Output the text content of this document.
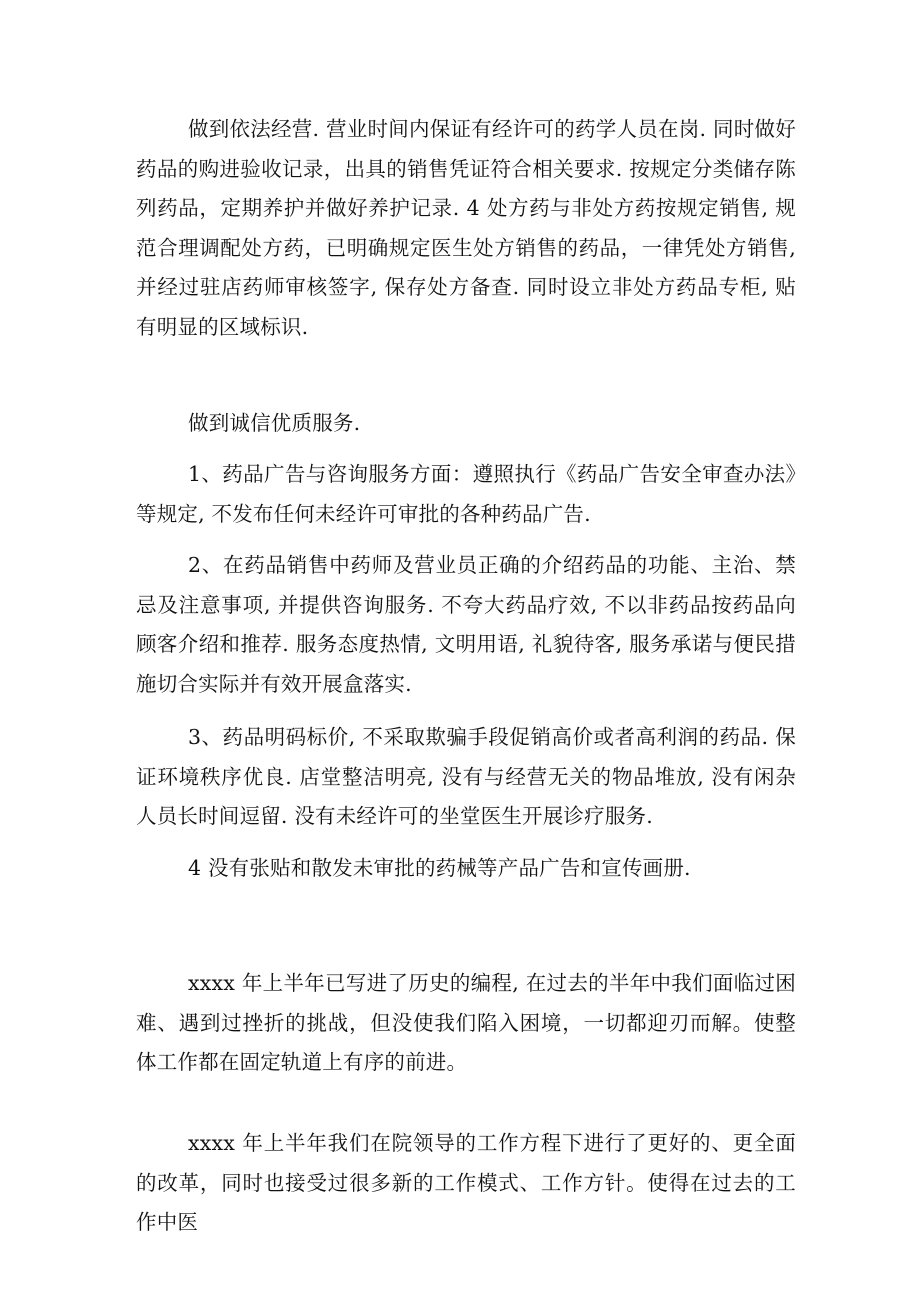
做到依法经营. 营业时间内保证有经许可的药学人员在岗. 同时做好药品的购进验收记录，出具的销售凭证符合相关要求. 按规定分类储存陈列药品，定期养护并做好养护记录. 4 处方药与非处方药按规定销售, 规范合理调配处方药，已明确规定医生处方销售的药品，一律凭处方销售, 并经过驻店药师审核签字, 保存处方备查. 同时设立非处方药品专柜, 贴有明显的区域标识.

做到诚信优质服务.

1、药品广告与咨询服务方面：遵照执行《药品广告安全审查办法》等规定, 不发布任何未经许可审批的各种药品广告.

2、在药品销售中药师及营业员正确的介绍药品的功能、主治、禁忌及注意事项, 并提供咨询服务. 不夸大药品疗效, 不以非药品按药品向顾客介绍和推荐. 服务态度热情, 文明用语, 礼貌待客, 服务承诺与便民措施切合实际并有效开展盒落实.

3、药品明码标价, 不采取欺骗手段促销高价或者高利润的药品. 保证环境秩序优良. 店堂整洁明亮, 没有与经营无关的物品堆放, 没有闲杂人员长时间逗留. 没有未经许可的坐堂医生开展诊疗服务.

4 没有张贴和散发未审批的药械等产品广告和宣传画册.

xxxx 年上半年已写进了历史的编程, 在过去的半年中我们面临过困难、遇到过挫折的挑战，但没使我们陷入困境，一切都迎刃而解。使整体工作都在固定轨道上有序的前进。

xxxx 年上半年我们在院领导的工作方程下进行了更好的、更全面的改革，同时也接受过很多新的工作模式、工作方针。使得在过去的工作中医
